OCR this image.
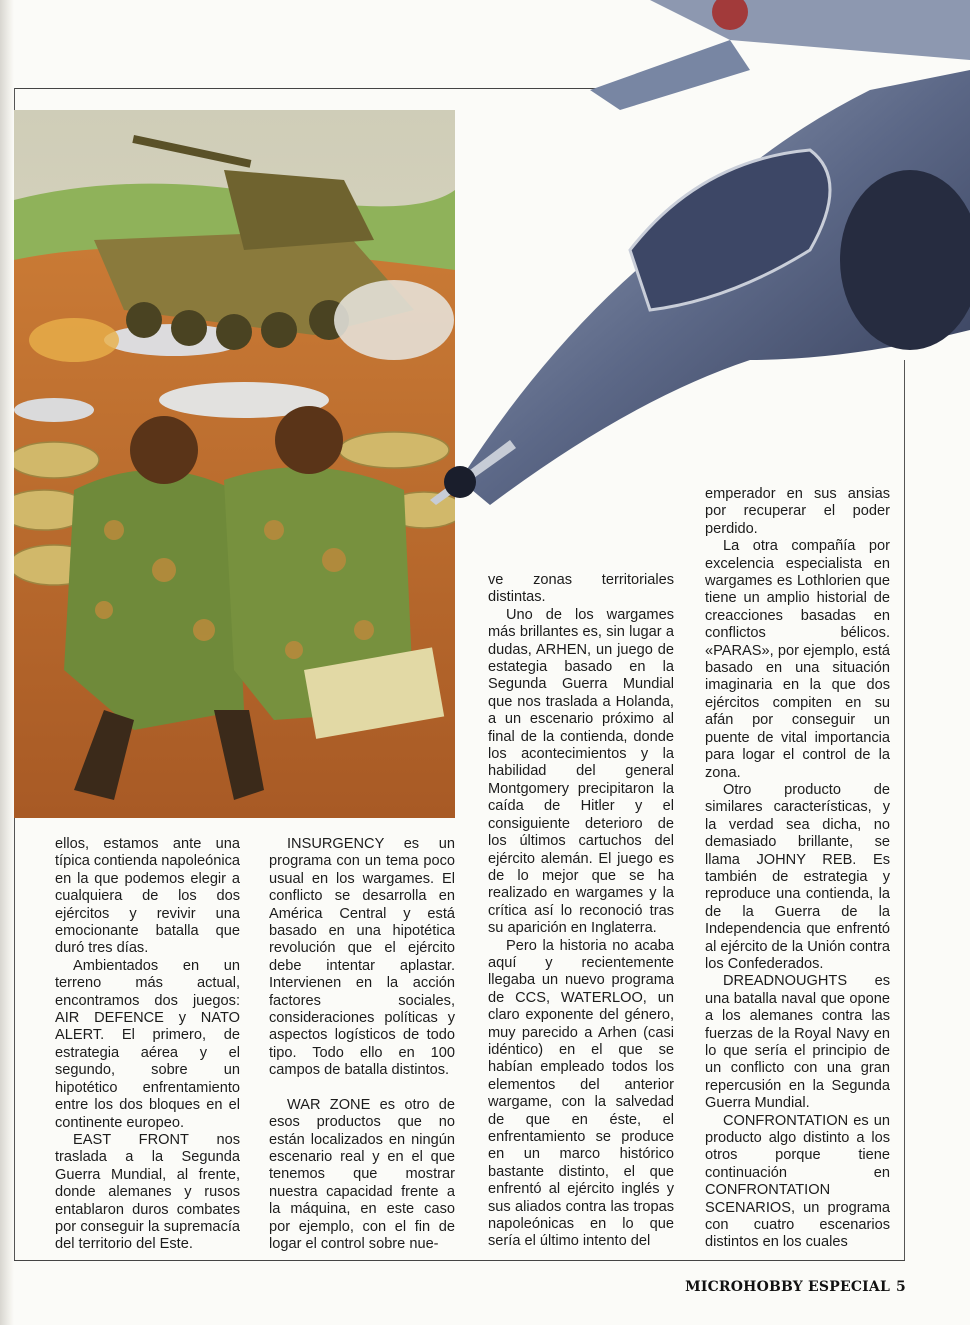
ellos, estamos ante una típica contienda napoleónica en la que podemos elegir a cualquiera de los dos ejércitos y revivir una emocionante batalla que duró tres días.

Ambientados en un terreno más actual, encontramos dos juegos: AIR DEFENCE y NATO ALERT. El primero, de estrategia aérea y el segundo, sobre un hipotético enfrentamiento entre los dos bloques en el continente europeo.

EAST FRONT nos traslada a la Segunda Guerra Mundial, al frente, donde alemanes y rusos entablaron duros combates por conseguir la supremacía del territorio del Este.

INSURGENCY es un programa con un tema poco usual en los wargames. El conflicto se desarrolla en América Central y está basado en una hipotética revolución que el ejército debe intentar aplastar. Intervienen en la acción factores sociales, consideraciones políticas y aspectos logísticos de todo tipo. Todo ello en 100 campos de batalla distintos.

WAR ZONE es otro de esos productos que no están localizados en ningún escenario real y en el que tenemos que mostrar nuestra capacidad frente a la máquina, en este caso por ejemplo, con el fin de logar el control sobre nue-

ve zonas territoriales distintas.

Uno de los wargames más brillantes es, sin lugar a dudas, ARHEN, un juego de estategia basado en la Segunda Guerra Mundial que nos traslada a Holanda, a un escenario próximo al final de la contienda, donde los acontecimientos y la habilidad del general Montgomery precipitaron la caída de Hitler y el consiguiente deterioro de los últimos cartuchos del ejército alemán. El juego es de lo mejor que se ha realizado en wargames y la crítica así lo reconoció tras su aparición en Inglaterra.

Pero la historia no acaba aquí y recientemente llegaba un nuevo programa de CCS, WATERLOO, un claro exponente del género, muy parecido a Arhen (casi idéntico) en el que se habían empleado todos los elementos del anterior wargame, con la salvedad de que en éste, el enfrentamiento se produce en un marco histórico bastante distinto, el que enfrentó al ejército inglés y sus aliados contra las tropas napoleónicas en lo que sería el último intento del

emperador en sus ansias por recuperar el poder perdido.

La otra compañía por excelencia especialista en wargames es Lothlorien que tiene un amplio historial de creacciones basadas en conflictos bélicos. «PARAS», por ejemplo, está basado en una situación imaginaria en la que dos ejércitos compiten en su afán por conseguir un puente de vital importancia para logar el control de la zona.

Otro producto de similares características, y la verdad sea dicha, no demasiado brillante, se llama JOHNY REB. Es también de estrategia y reproduce una contienda, la de la Guerra de la Independencia que enfrentó al ejército de la Unión contra los Confederados.

DREADNOUGHTS es una batalla naval que opone a los alemanes contra las fuerzas de la Royal Navy en lo que sería el principio de un conflicto con una gran repercusión en la Segunda Guerra Mundial.

CONFRONTATION es un producto algo distinto a los otros porque tiene continuación en CONFRONTATION SCENARIOS, un programa con cuatro escenarios distintos en los cuales

MICROHOBBY ESPECIAL 5
